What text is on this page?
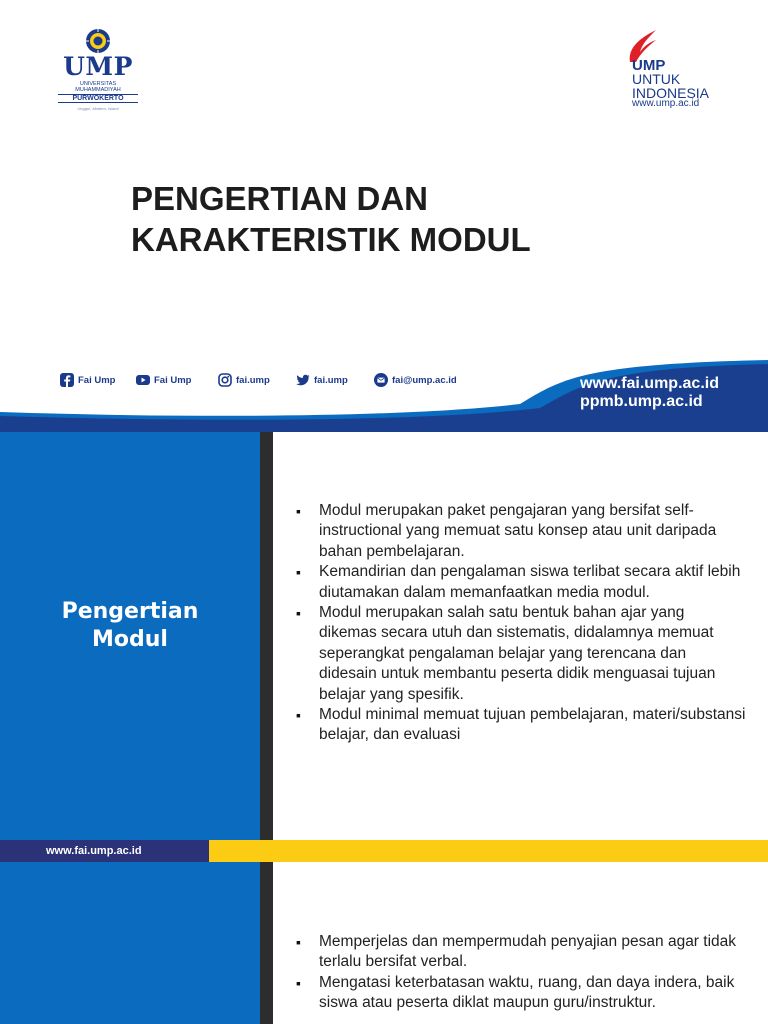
UMP
UNIVERSITAS
MUHAMMADIYAH
PURWOKERTO
Unggul, Modern, Islami
UMP
UNTUK
INDONESIA
www.ump.ac.id
PENGERTIAN DAN KARAKTERISTIK MODUL
Fai Ump	Fai Ump	fai.ump	fai.ump	fai@ump.ac.id	www.fai.ump.ac.id
ppmb.ump.ac.id
Pengertian Modul
▪ Modul merupakan paket pengajaran yang bersifat self-instructional yang memuat satu konsep atau unit daripada bahan pembelajaran.
▪ Kemandirian dan pengalaman siswa terlibat secara aktif lebih diutamakan dalam memanfaatkan media modul.
▪ Modul merupakan salah satu bentuk bahan ajar yang dikemas secara utuh dan sistematis, didalamnya memuat seperangkat pengalaman belajar yang terencana dan didesain untuk membantu peserta didik menguasai tujuan belajar yang spesifik.
▪ Modul minimal memuat tujuan pembelajaran, materi/substansi belajar, dan evaluasi
www.fai.ump.ac.id
▪ Memperjelas dan mempermudah penyajian pesan agar tidak terlalu bersifat verbal.
▪ Mengatasi keterbatasan waktu, ruang, dan daya indera, baik siswa atau peserta diklat maupun guru/instruktur.
